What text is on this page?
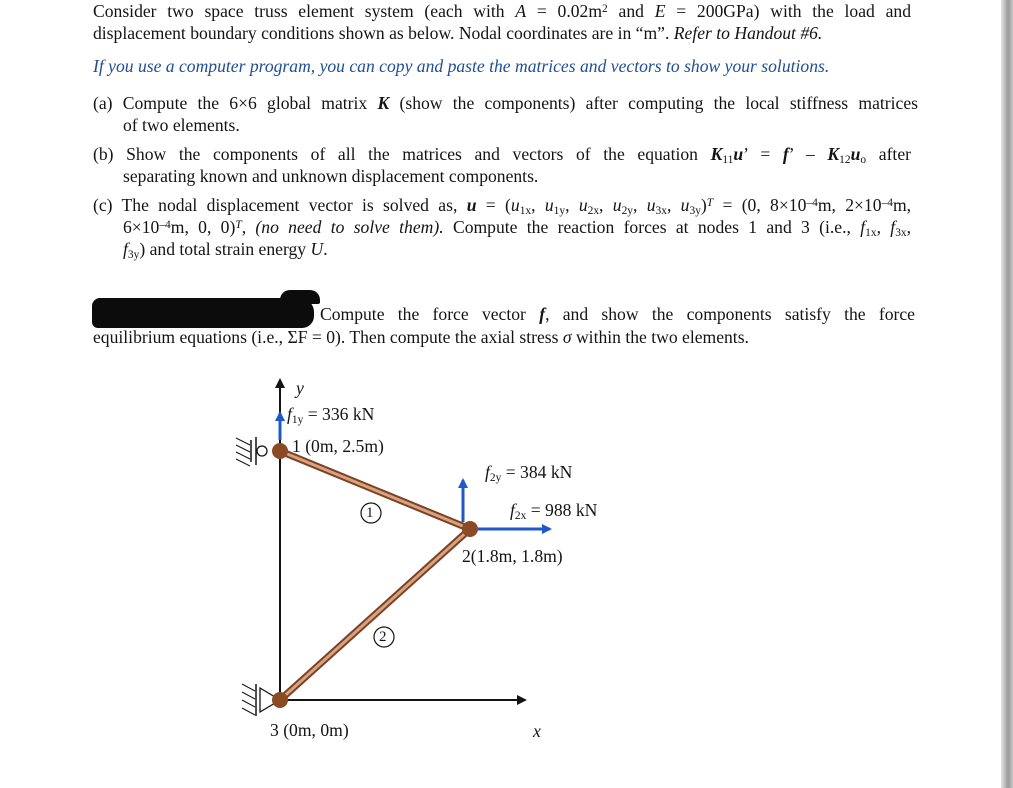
Consider two space truss element system (each with $A = 0.02m^2$ and E = 200GPa) with the load and
displacement boundary conditions shown as below. Nodal coordinates are in “m”. Refer to Handout #6.
If you use a computer program, you can copy and paste the matrices and vectors to show your solutions.
(a) Compute the 6×6 global matrix K (show the components) after computing the local stiffness matrices
of two elements.
(b) Show the components of all the matrices and vectors of the equation $K_{11}u$’ = f’ – $K_{12}u_o$ after
separating known and unknown displacement components.
(c) The nodal displacement vector is solved as, $u = (u_{1x}$, $u_{1y}$, $u_{2x}$, $u_{2y}$, $u_{3x}$, $u_{3y})^T = (0$, $8\times 10^{-4}m$, $2\times 10^{-4}m$,
$6\times 10^{-4}m$, 0, 0)$^T$, (no need to solve them). Compute the reaction forces at nodes 1 and 3 (i.e., $f_{1x}$, $f_{3x}$,
$f_{3y}$) and total strain energy U.
Compute the force vector f, and show the components satisfy the force
equilibrium equations (i.e., ΣF = 0). Then compute the axial stress σ within the two elements.
y
$f_{1y} = 336$ kN
1 (0m, 2.5m)
$f_{2y} = 384$ kN
$f_{2x} = 988$ kN
2(1.8m, 1.8m)
3 (0m, 0m)	x
1
2
